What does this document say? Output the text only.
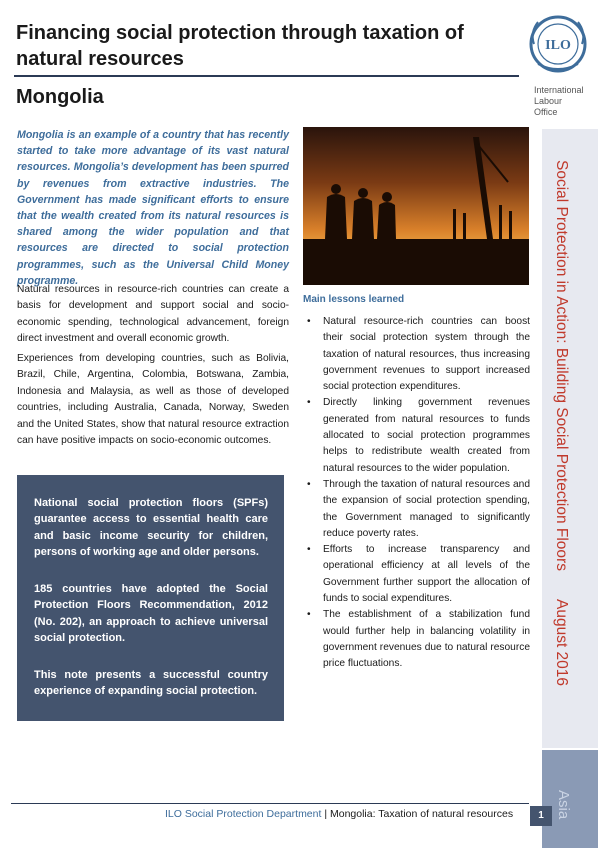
Financing social protection through taxation of natural resources
Mongolia
ILO
International Labour Office
Mongolia is an example of a country that has recently started to take more advantage of its vast natural resources. Mongolia’s development has been spurred by revenues from extractive industries. The Government has made significant efforts to ensure that the wealth created from its natural resources is shared among the wider population and that resources are directed to social protection programmes, such as the Universal Child Money programme.
Natural resources in resource-rich countries can create a basis for development and support social and socio-economic spending, technological advancement, foreign direct investment and overall economic growth.
Experiences from developing countries, such as Bolivia, Brazil, Chile, Argentina, Colombia, Botswana, Zambia, Indonesia and Malaysia, as well as those of developed countries, including Australia, Canada, Norway, Sweden and the United States, show that natural resource extraction can have positive impacts on socio-economic outcomes.
Main lessons learned
• Natural resource-rich countries can boost their social protection system through the taxation of natural resources, thus increasing government revenues to support increased social protection expenditures.
• Directly linking government revenues generated from natural resources to funds allocated to social protection programmes helps to redistribute wealth created from natural resources to the wider population.
• Through the taxation of natural resources and the expansion of social protection spending, the Government managed to significantly reduce poverty rates.
• Efforts to increase transparency and operational efficiency at all levels of the Government further support the allocation of funds to social expenditures.
• The establishment of a stabilization fund would further help in balancing volatility in government revenues due to natural resource price fluctuations.

National social protection floors (SPFs) guarantee access to essential health care and basic income security for children, persons of working age and older persons.

185 countries have adopted the Social Protection Floors Recommendation, 2012 (No. 202), an approach to achieve universal social protection.

This note presents a successful country experience of expanding social protection.

Social Protection in Action: Building Social Protection FloorsAugust 2016
Asia
ILO Social Protection Department | Mongolia: Taxation of natural resources	1
